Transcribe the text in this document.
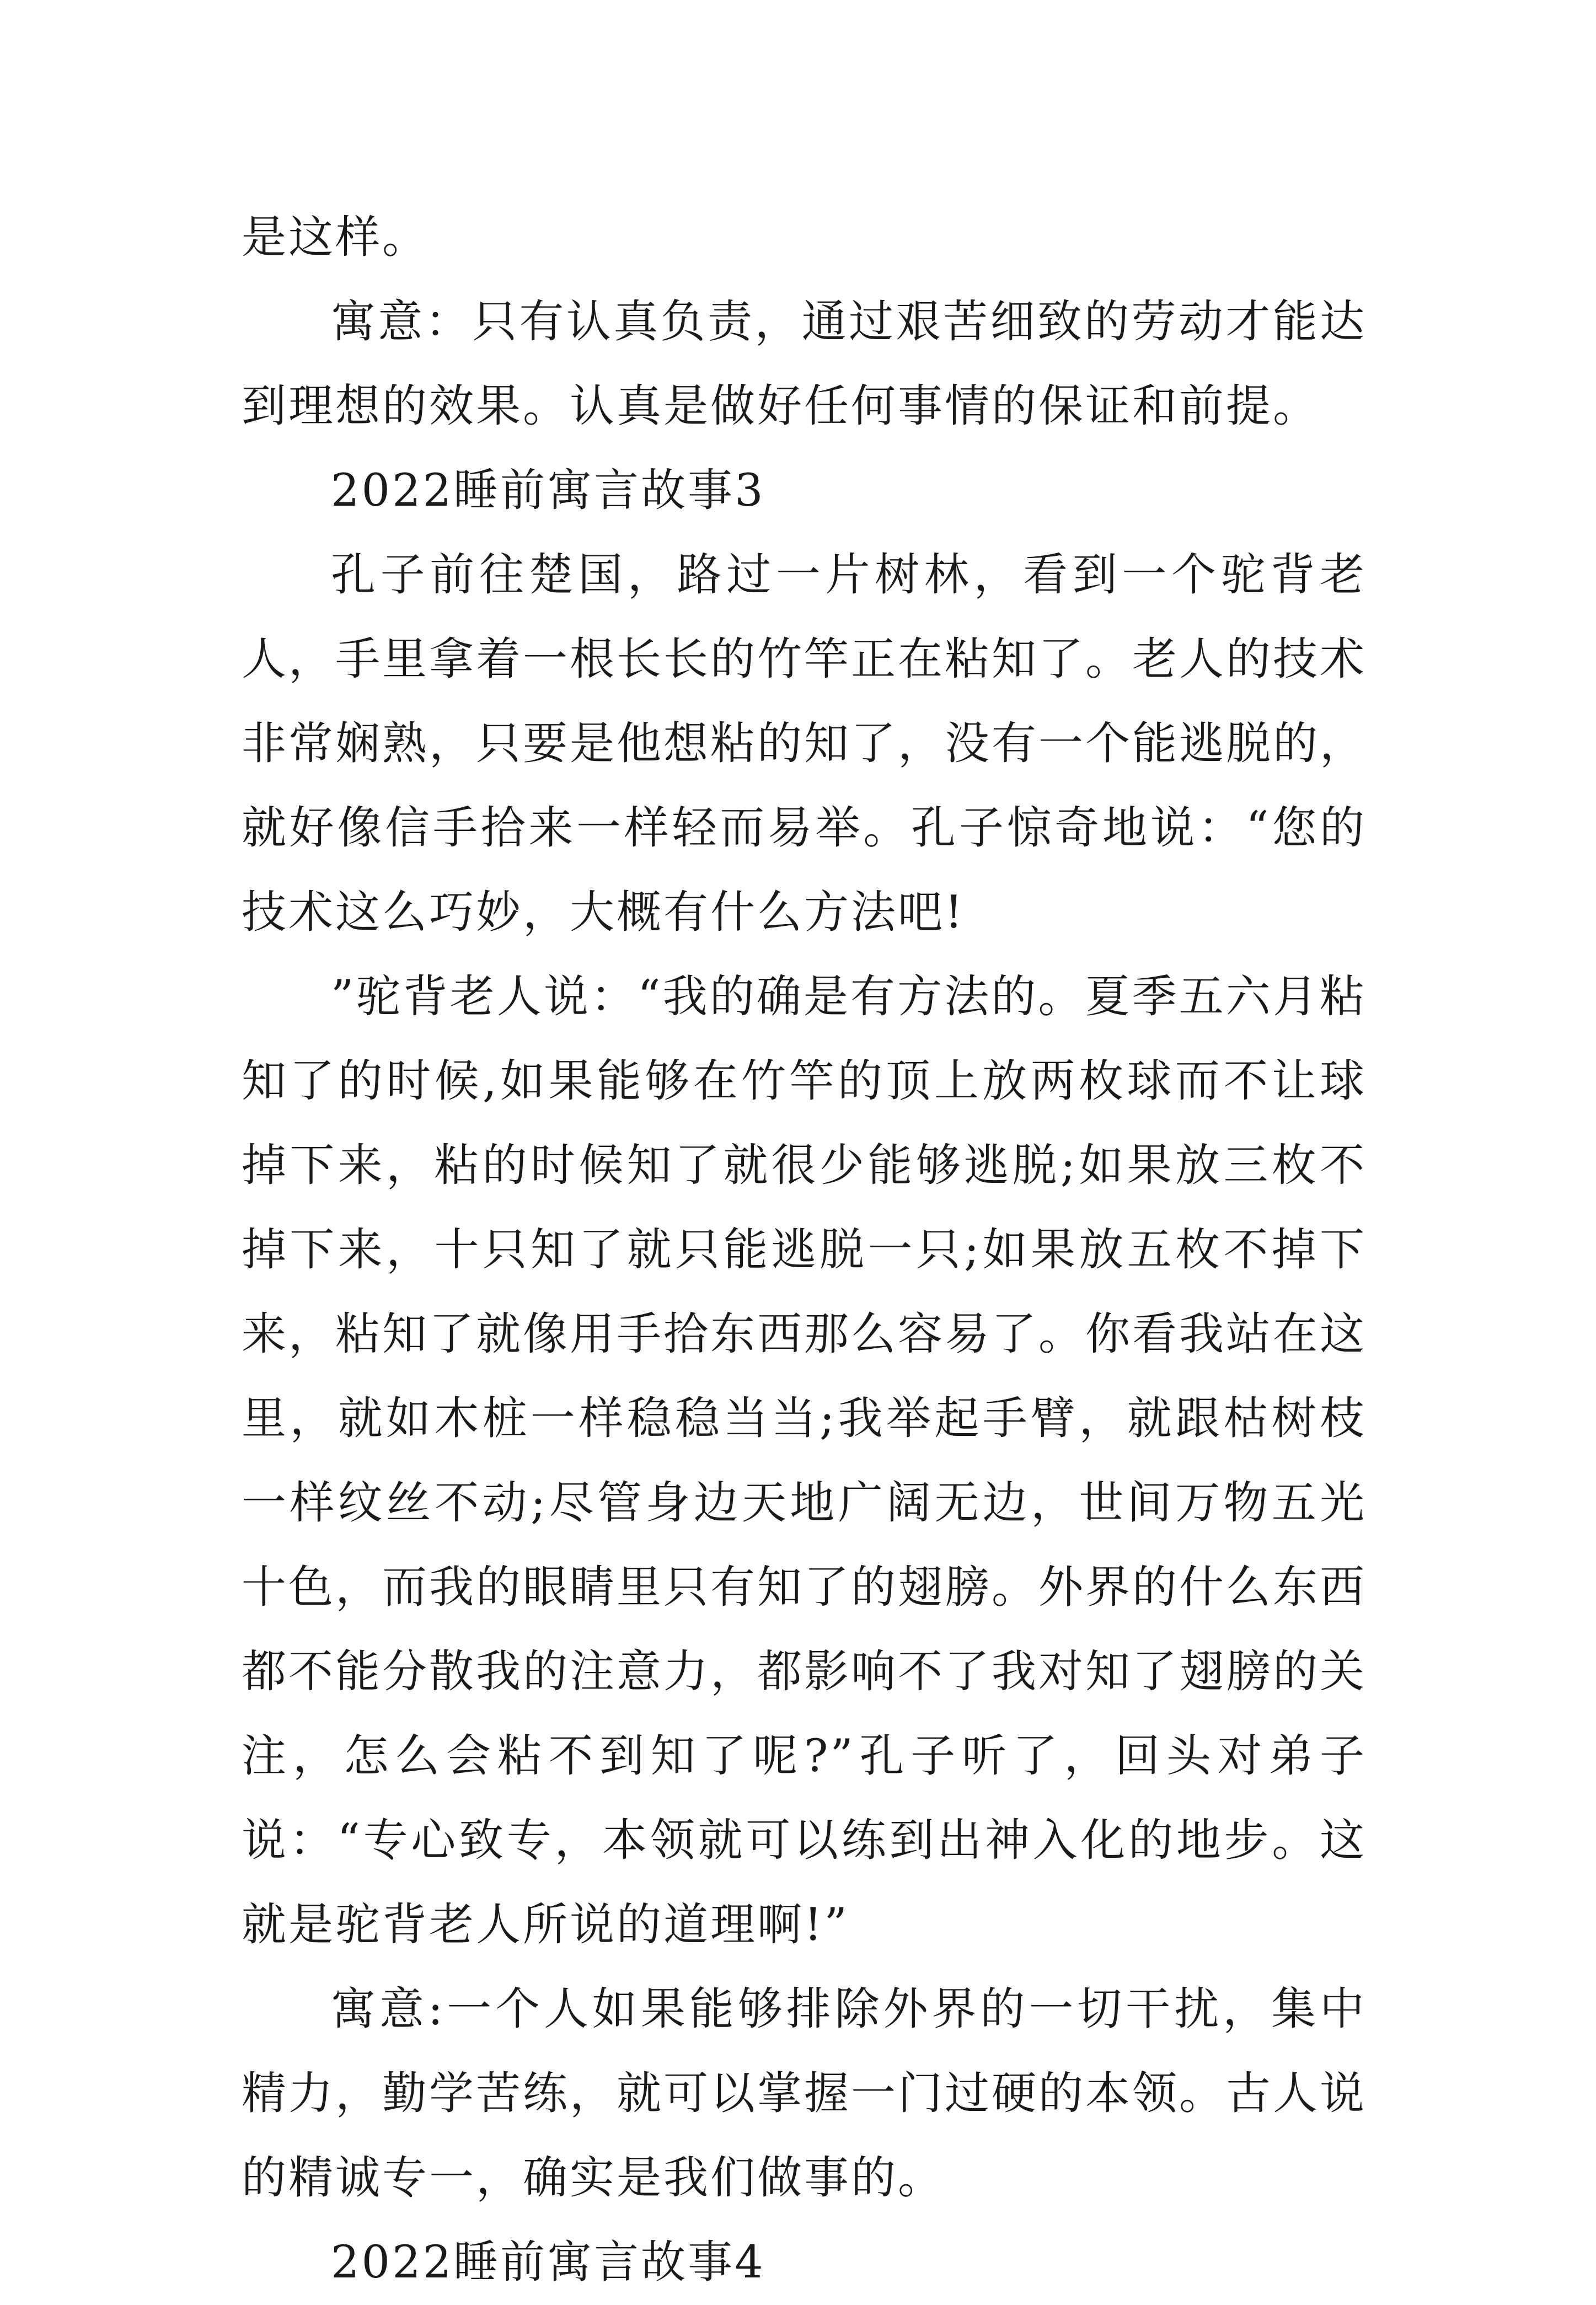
是这样。

寓意：只有认真负责，通过艰苦细致的劳动才能达到理想的效果。认真是做好任何事情的保证和前提。

2022睡前寓言故事3

孔子前往楚国，路过一片树林，看到一个驼背老人，手里拿着一根长长的竹竿正在粘知了。老人的技术非常娴熟，只要是他想粘的知了，没有一个能逃脱的，就好像信手拾来一样轻而易举。孔子惊奇地说：“您的技术这么巧妙，大概有什么方法吧!

”驼背老人说：“我的确是有方法的。夏季五六月粘知了的时候,如果能够在竹竿的顶上放两枚球而不让球掉下来，粘的时候知了就很少能够逃脱;如果放三枚不掉下来，十只知了就只能逃脱一只;如果放五枚不掉下来，粘知了就像用手拾东西那么容易了。你看我站在这里，就如木桩一样稳稳当当;我举起手臂，就跟枯树枝一样纹丝不动;尽管身边天地广阔无边，世间万物五光十色，而我的眼睛里只有知了的翅膀。外界的什么东西都不能分散我的注意力，都影响不了我对知了翅膀的关注，怎么会粘不到知了呢?”孔子听了，回头对弟子说：“专心致专，本领就可以练到出神入化的地步。这就是驼背老人所说的道理啊!”

寓意:一个人如果能够排除外界的一切干扰，集中精力，勤学苦练，就可以掌握一门过硬的本领。古人说的精诚专一，确实是我们做事的。

2022睡前寓言故事4
